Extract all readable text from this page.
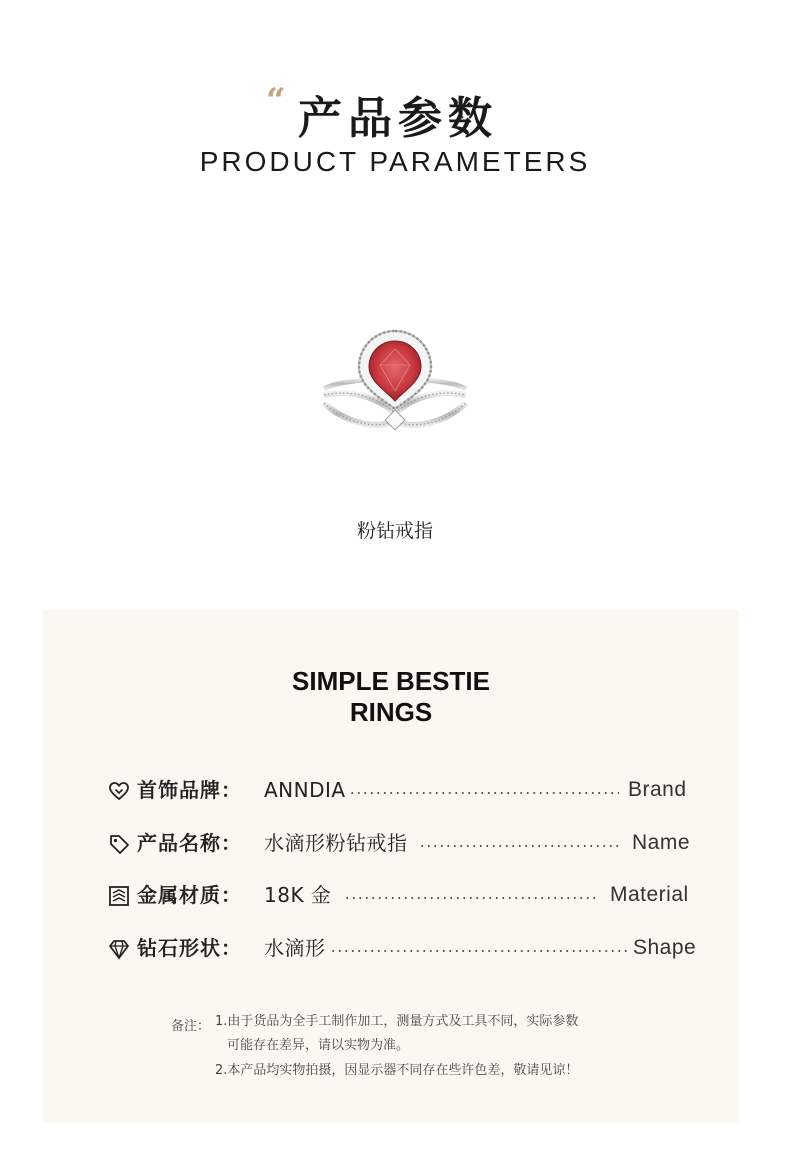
“ 产品参数
PRODUCT PARAMETERS
粉钻戒指
SIMPLE BESTIE
RINGS
首饰品牌： ANNDIA	Brand
产品名称： 水滴形粉钻戒指	Name
金属材质： 18K 金	Material
钻石形状： 水滴形	Shape
备注： 1.由于货品为全手工制作加工，测量方式及工具不同，实际参数
可能存在差异，请以实物为准。
2.本产品均实物拍摄，因显示器不同存在些许色差，敬请见谅！
